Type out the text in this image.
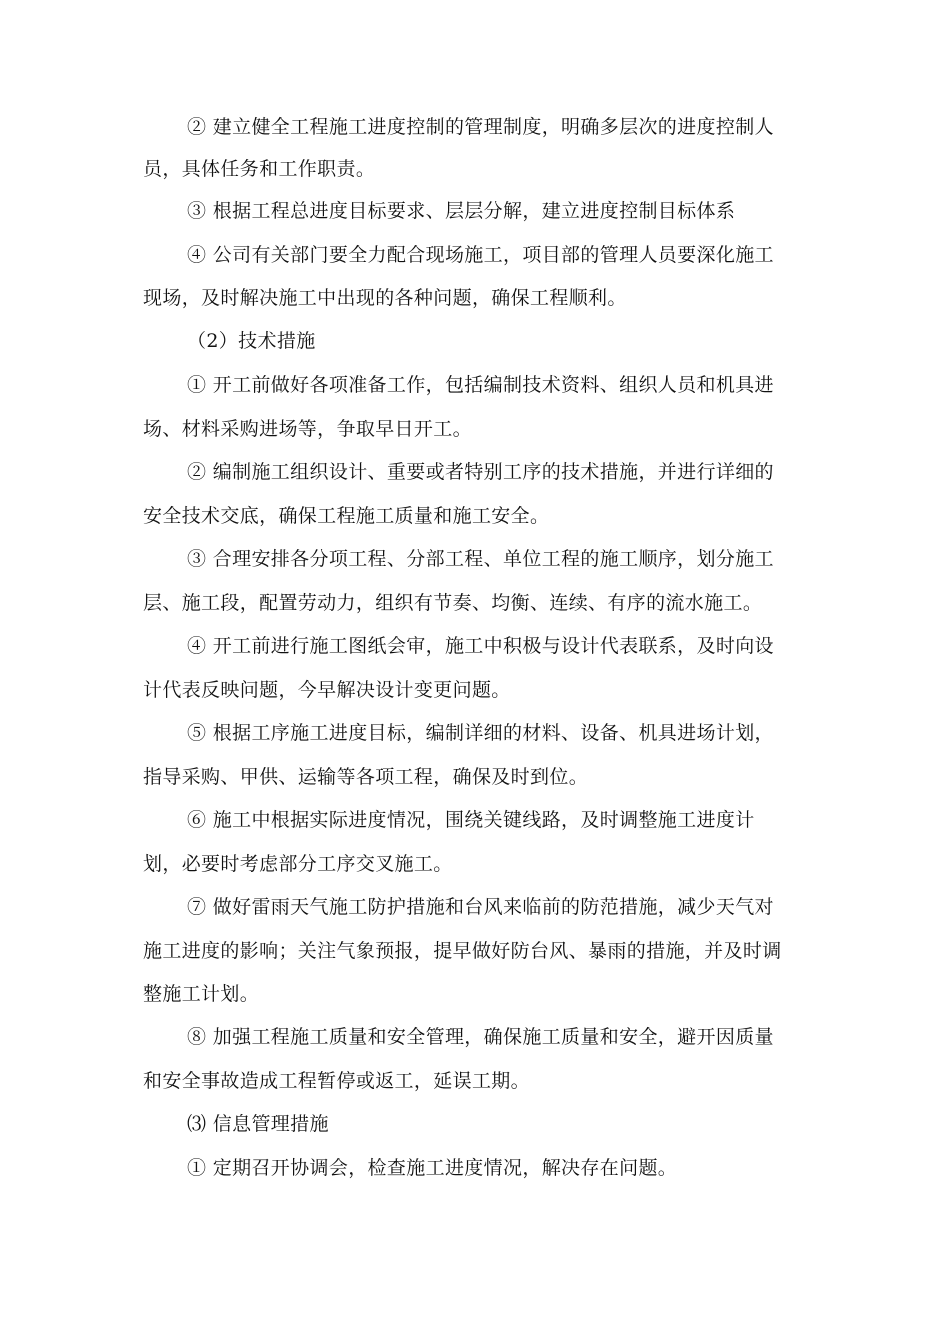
② 建立健全工程施工进度控制的管理制度，明确多层次的进度控制人
员，具体任务和工作职责。
③ 根据工程总进度目标要求、层层分解，建立进度控制目标体系
④ 公司有关部门要全力配合现场施工，项目部的管理人员要深化施工
现场，及时解决施工中出现的各种问题，确保工程顺利。
（2）技术措施
① 开工前做好各项准备工作，包括编制技术资料、组织人员和机具进
场、材料采购进场等，争取早日开工。
② 编制施工组织设计、重要或者特别工序的技术措施，并进行详细的
安全技术交底，确保工程施工质量和施工安全。
③ 合理安排各分项工程、分部工程、单位工程的施工顺序，划分施工
层、施工段，配置劳动力，组织有节奏、均衡、连续、有序的流水施工。
④ 开工前进行施工图纸会审，施工中积极与设计代表联系，及时向设
计代表反映问题，今早解决设计变更问题。
⑤ 根据工序施工进度目标，编制详细的材料、设备、机具进场计划，
指导采购、甲供、运输等各项工程，确保及时到位。
⑥ 施工中根据实际进度情况，围绕关键线路，及时调整施工进度计
划，必要时考虑部分工序交叉施工。
⑦ 做好雷雨天气施工防护措施和台风来临前的防范措施，减少天气对
施工进度的影响；关注气象预报，提早做好防台风、暴雨的措施，并及时调
整施工计划。
⑧ 加强工程施工质量和安全管理，确保施工质量和安全，避开因质量
和安全事故造成工程暂停或返工，延误工期。
⑶ 信息管理措施
① 定期召开协调会，检查施工进度情况，解决存在问题。
